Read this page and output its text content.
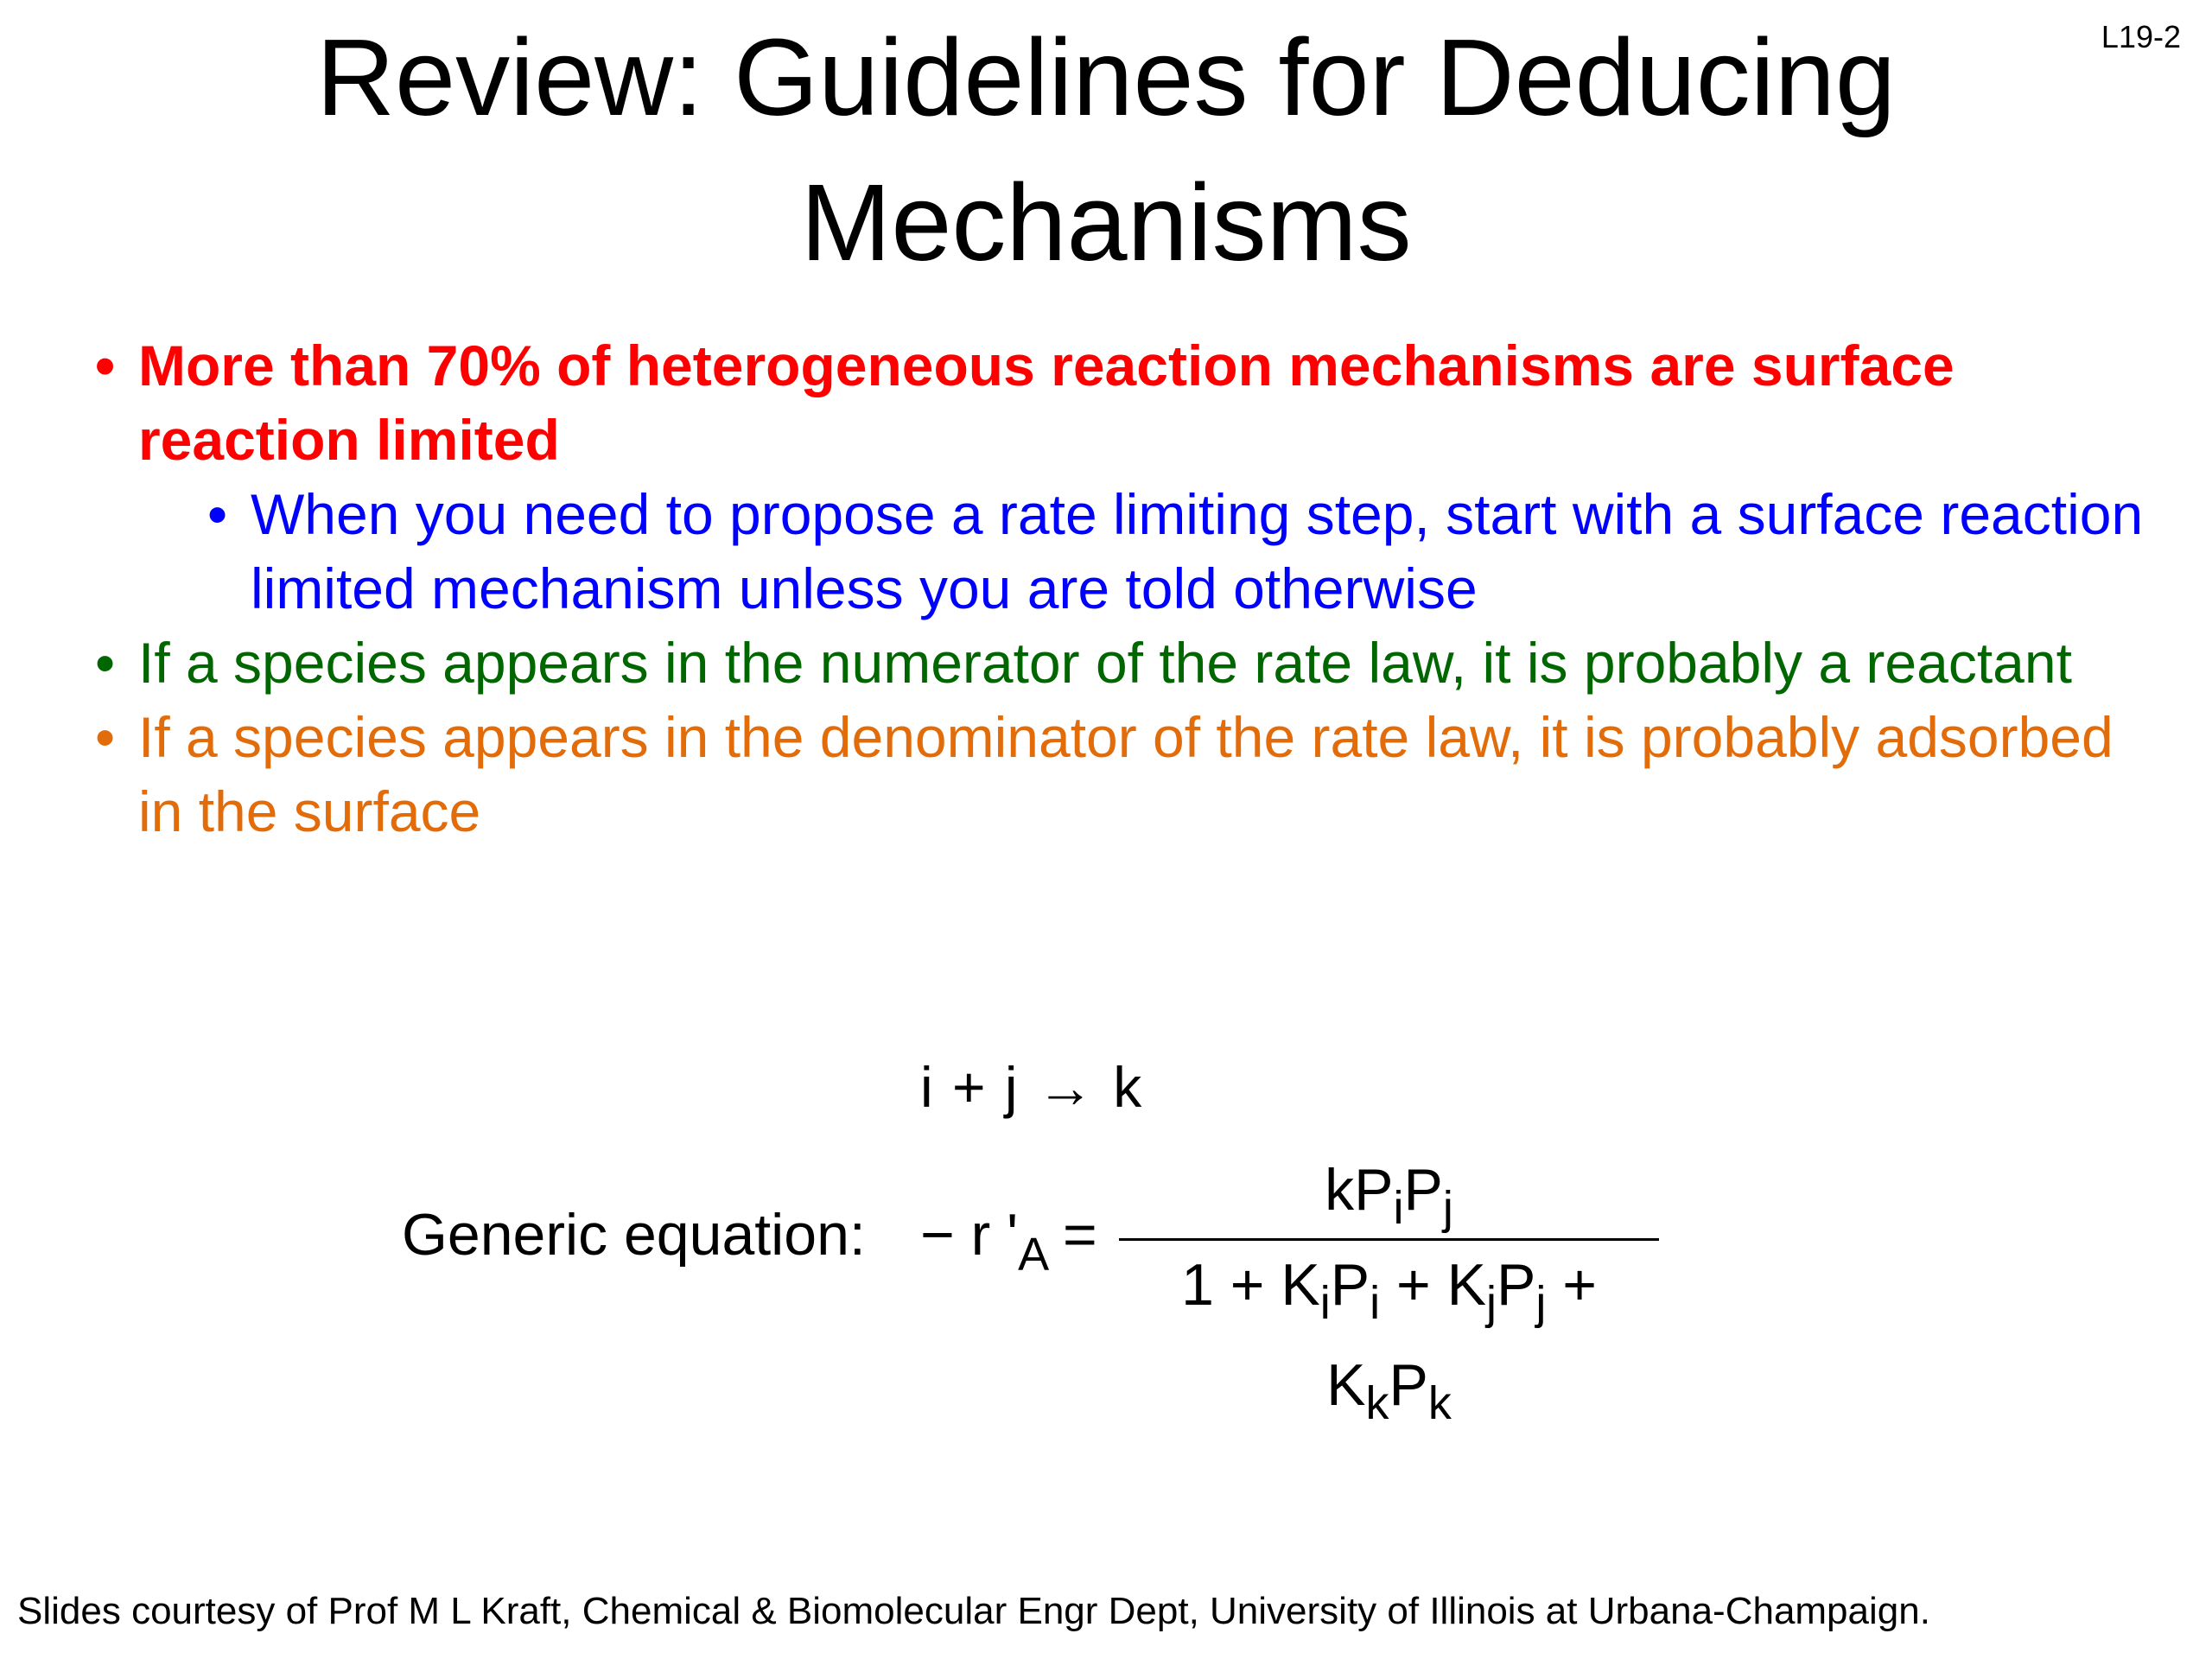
L19-2
Review: Guidelines for Deducing
Mechanisms
• More than 70% of heterogeneous reaction mechanisms are surface reaction limited
• When you need to propose a rate limiting step, start with a surface reaction limited mechanism unless you are told otherwise
• If a species appears in the numerator of the rate law, it is probably a reactant
• If a species appears in the denominator of the rate law, it is probably adsorbed in the surface
i + j → k
Generic equation: − r '$_A$ =
$kP_iP_j$
$1 + K_iP_i + K_jP_j + K_kP_k$
Slides courtesy of Prof M L Kraft, Chemical & Biomolecular Engr Dept, University of Illinois at Urbana-Champaign.
